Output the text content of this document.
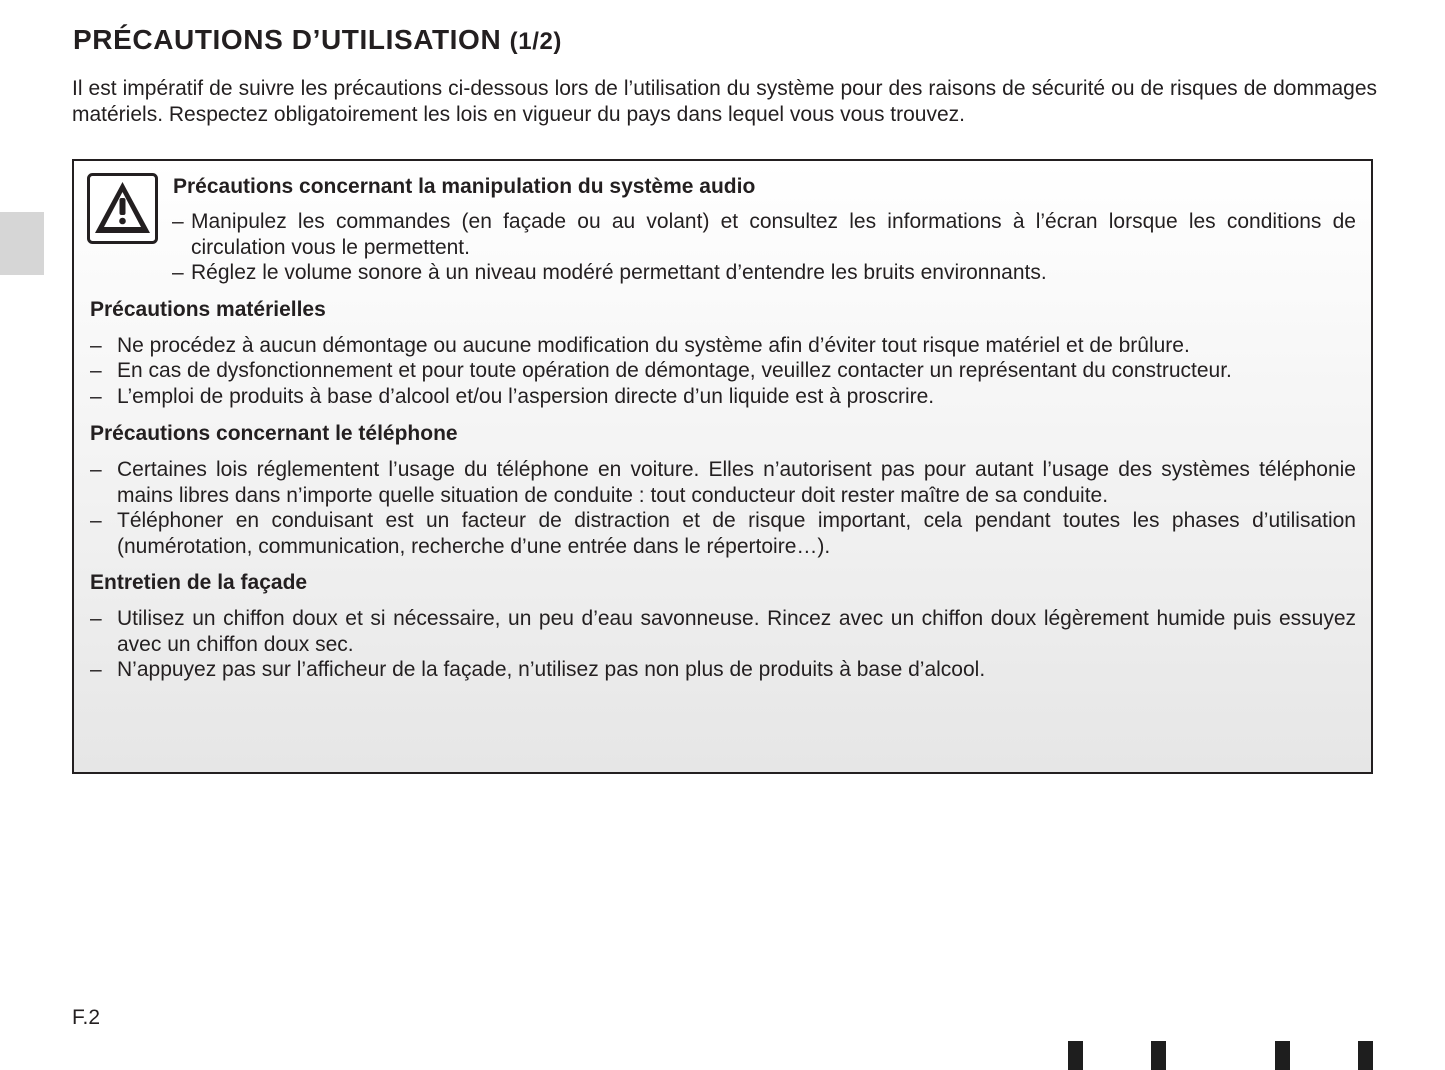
PRÉCAUTIONS D’UTILISATION (1/2)

Il est impératif de suivre les précautions ci-dessous lors de l’utilisation du système pour des raisons de sécurité ou de risques de dommages matériels. Respectez obligatoirement les lois en vigueur du pays dans lequel vous vous trouvez.

Précautions concernant la manipulation du système audio
– Manipulez les commandes (en façade ou au volant) et consultez les informations à l’écran lorsque les conditions de circulation vous le permettent.
– Réglez le volume sonore à un niveau modéré permettant d’entendre les bruits environnants.
Précautions matérielles
– Ne procédez à aucun démontage ou aucune modification du système afin d’éviter tout risque matériel et de brûlure.
– En cas de dysfonctionnement et pour toute opération de démontage, veuillez contacter un représentant du constructeur.
– L’emploi de produits à base d’alcool et/ou l’aspersion directe d’un liquide est à proscrire.
Précautions concernant le téléphone
– Certaines lois réglementent l’usage du téléphone en voiture. Elles n’autorisent pas pour autant l’usage des systèmes téléphonie mains libres dans n’importe quelle situation de conduite : tout conducteur doit rester maître de sa conduite.
– Téléphoner en conduisant est un facteur de distraction et de risque important, cela pendant toutes les phases d’utilisation (numérotation, communication, recherche d’une entrée dans le répertoire…).
Entretien de la façade
– Utilisez un chiffon doux et si nécessaire, un peu d’eau savonneuse. Rincez avec un chiffon doux légèrement humide puis essuyez avec un chiffon doux sec.
– N’appuyez pas sur l’afficheur de la façade, n’utilisez pas non plus de produits à base d’alcool.
F.2
